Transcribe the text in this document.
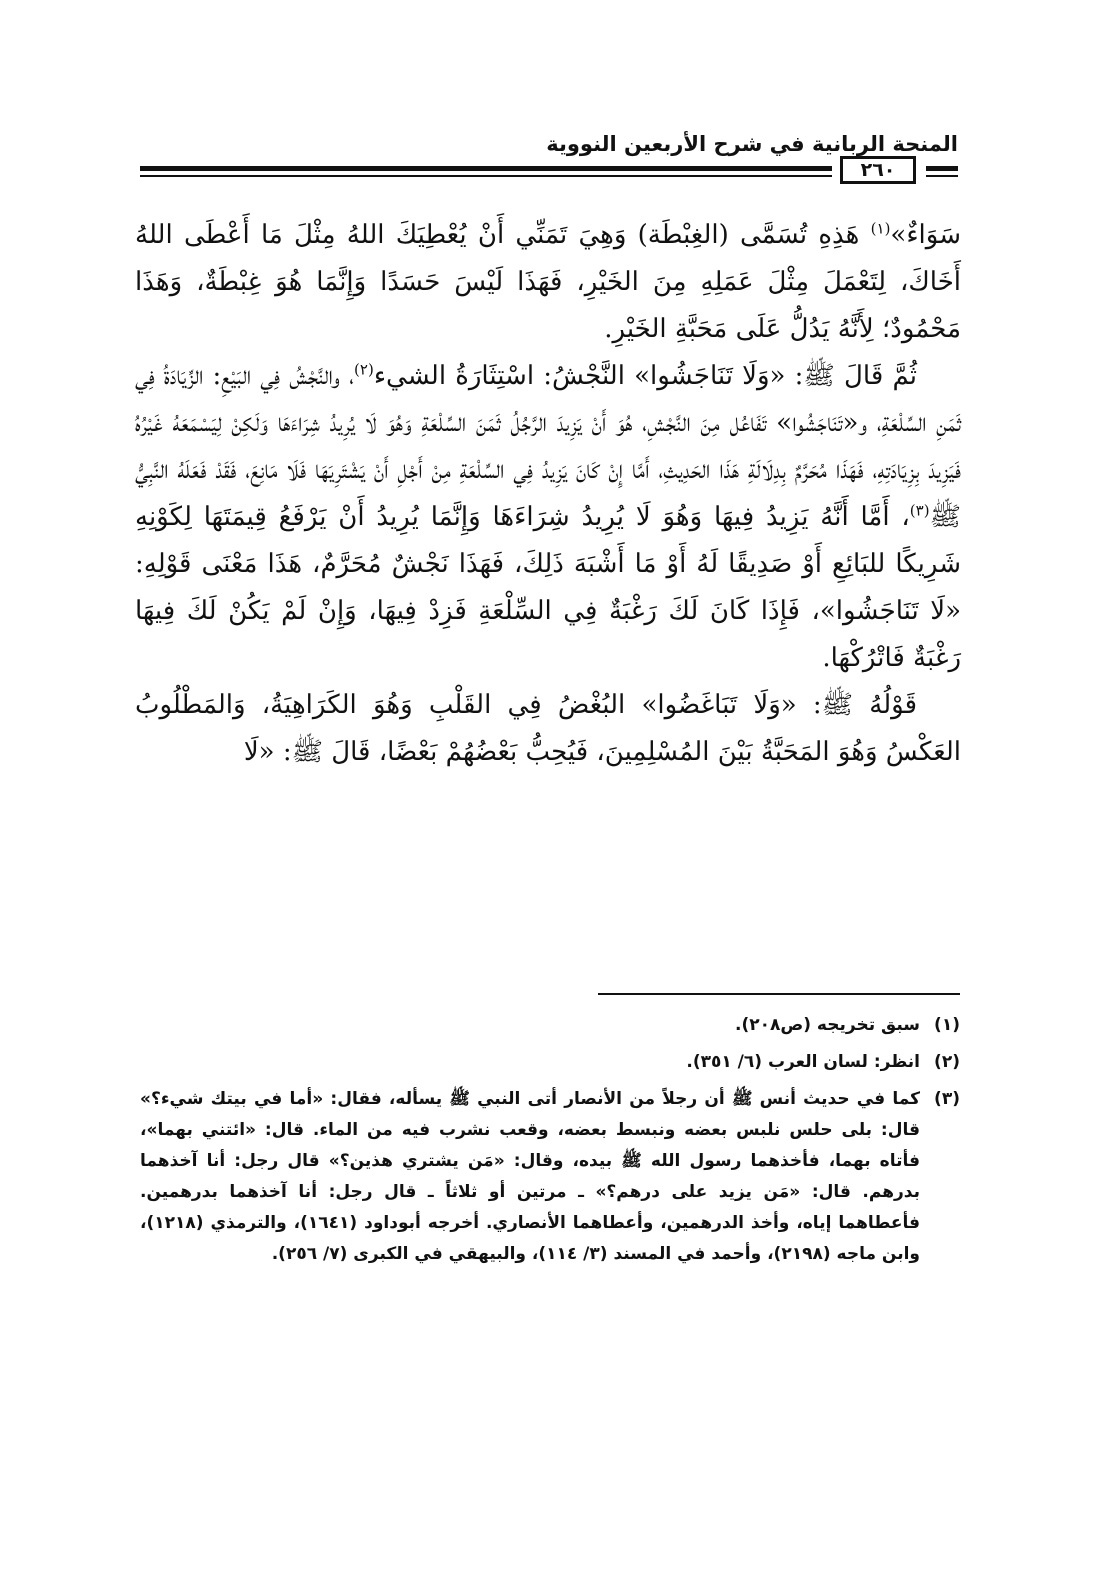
المنحة الربانية في شرح الأربعين النووية
٢٦٠

سَوَاءٌ»$^{(١)}$ هَذِهِ تُسَمَّى (الغِبْطَة) وَهِيَ تَمَنِّي أَنْ يُعْطِيَكَ اللهُ مِثْلَ مَا أَعْطَى اللهُ أَخَاكَ، لِتَعْمَلَ مِثْلَ عَمَلِهِ مِنَ الخَيْرِ، فَهَذَا لَيْسَ حَسَدًا وَإِنَّمَا هُوَ غِبْطَةٌ، وَهَذَا مَحْمُودٌ؛ لِأَنَّهُ يَدُلُّ عَلَى مَحَبَّةِ الخَيْرِ.

ثُمَّ قَالَ ﷺ: «وَلَا تَنَاجَشُوا» النَّجْشُ: اسْتِثَارَةُ الشيء$^{(٢)}$، والنَّجْشُ فِي البَيْعِ: الزِّيَادَةُ فِي ثَمَنِ السِّلْعَةِ، و«تَنَاجَشُوا» تَفَاعُل مِنَ النَّجْشِ، هُوَ أَنْ يَزِيدَ الرَّجُلُ ثَمَنَ السِّلْعَةِ وَهُوَ لَا يُرِيدُ شِرَاءَهَا وَلَكِنْ لِيَسْمَعَهُ غَيْرُهُ فَيَزِيدَ بِزِيَادَتِهِ، فَهَذَا مُحَرَّمٌ بِدِلَالَةِ هَذَا الحَدِيثِ، أَمَّا إِنْ كَانَ يَزِيدُ فِي السِّلْعَةِ مِنْ أَجْلِ أَنْ يَشْتَرِيَهَا فَلَا مَانِعَ، فَقَدْ فَعَلَهُ النَّبِيُّ ﷺ$^{(٣)}$، أَمَّا أَنَّهُ يَزِيدُ فِيهَا وَهُوَ لَا يُرِيدُ شِرَاءَهَا وَإِنَّمَا يُرِيدُ أَنْ يَرْفَعُ قِيمَتَهَا لِكَوْنِهِ شَرِيكًا للبَائِعِ أَوْ صَدِيقًا لَهُ أَوْ مَا أَشْبَهَ ذَلِكَ، فَهَذَا نَجْشٌ مُحَرَّمٌ، هَذَا مَعْنَى قَوْلِهِ: «لَا تَنَاجَشُوا»، فَإِذَا كَانَ لَكَ رَغْبَةٌ فِي السِّلْعَةِ فَزِدْ فِيهَا، وَإِنْ لَمْ يَكُنْ لَكَ فِيهَا رَغْبَةٌ فَاتْرُكْهَا.

قَوْلُهُ ﷺ: «وَلَا تَبَاغَضُوا» البُغْضُ فِي القَلْبِ وَهُوَ الكَرَاهِيَةُ، وَالمَطْلُوبُ العَكْسُ وَهُوَ المَحَبَّةُ بَيْنَ المُسْلِمِينَ، فَيُحِبُّ بَعْضُهُمْ بَعْضًا، قَالَ ﷺ: «لَا

(١)
سبق تخريجه (ص٢٠٨).
(٢)
انظر: لسان العرب (٦/ ٣٥١).
(٣)
كما في حديث أنس ﷺ أن رجلاً من الأنصار أتى النبي ﷺ يسأله، فقال: «أما في بيتك شيء؟» قال: بلى حلس نلبس بعضه ونبسط بعضه، وقعب نشرب فيه من الماء. قال: «ائتني بهما»، فأتاه بهما، فأخذهما رسول الله ﷺ بيده، وقال: «مَن يشتري هذين؟» قال رجل: أنا آخذهما بدرهم. قال: «مَن يزيد على درهم؟» ـ مرتين أو ثلاثاً ـ قال رجل: أنا آخذهما بدرهمين. فأعطاهما إياه، وأخذ الدرهمين، وأعطاهما الأنصاري. أخرجه أبوداود (١٦٤١)، والترمذي (١٢١٨)، وابن ماجه (٢١٩٨)، وأحمد في المسند (٣/ ١١٤)، والبيهقي في الكبرى (٧/ ٢٥٦).
